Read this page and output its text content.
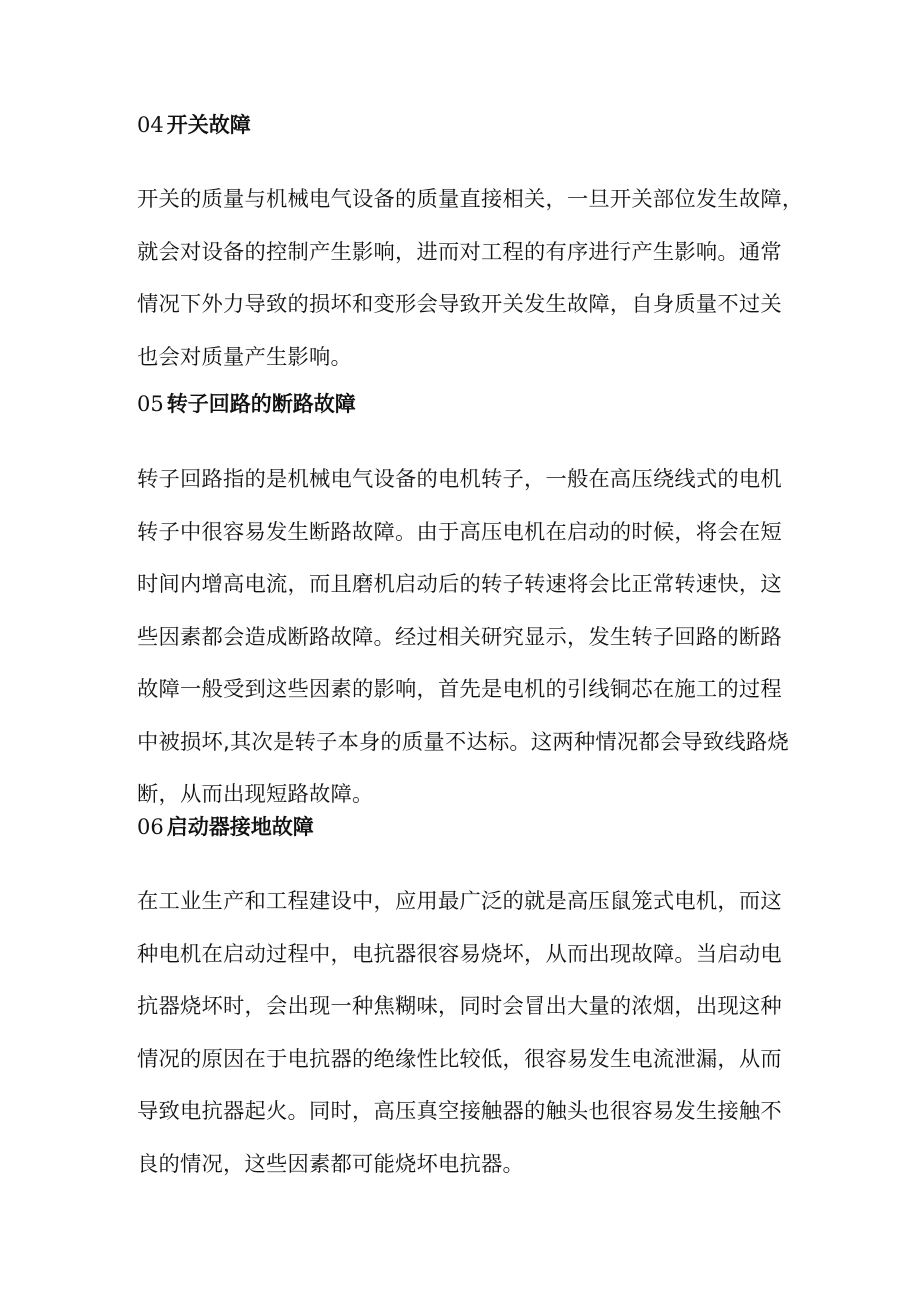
04 开关故障

开关的质量与机械电气设备的质量直接相关，一旦开关部位发生故障，
就会对设备的控制产生影响，进而对工程的有序进行产生影响。通常
情况下外力导致的损坏和变形会导致开关发生故障，自身质量不过关
也会对质量产生影响。

05 转子回路的断路故障

转子回路指的是机械电气设备的电机转子，一般在高压绕线式的电机
转子中很容易发生断路故障。由于高压电机在启动的时候，将会在短
时间内增高电流，而且磨机启动后的转子转速将会比正常转速快，这
些因素都会造成断路故障。经过相关研究显示，发生转子回路的断路
故障一般受到这些因素的影响，首先是电机的引线铜芯在施工的过程
中被损坏,其次是转子本身的质量不达标。这两种情况都会导致线路烧
断，从而出现短路故障。

06 启动器接地故障

在工业生产和工程建设中，应用最广泛的就是高压鼠笼式电机，而这
种电机在启动过程中，电抗器很容易烧坏，从而出现故障。当启动电
抗器烧坏时，会出现一种焦糊味，同时会冒出大量的浓烟，出现这种
情况的原因在于电抗器的绝缘性比较低，很容易发生电流泄漏，从而
导致电抗器起火。同时，高压真空接触器的触头也很容易发生接触不
良的情况，这些因素都可能烧坏电抗器。
